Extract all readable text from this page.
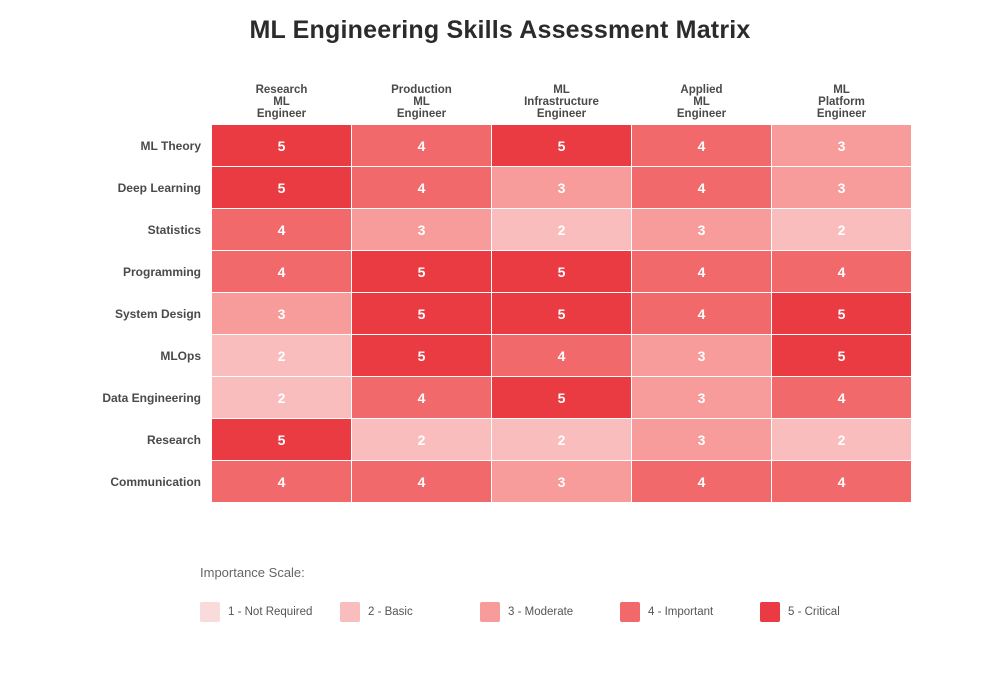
ML Engineering Skills Assessment Matrix

Research
ML
Engineer

Production
ML
Engineer

ML
Infrastructure
Engineer

Applied
ML
Engineer

ML
Platform
Engineer

ML Theory	5	4	5	4	3
Deep Learning	5	4	3	4	3
Statistics	4	3	2	3	2
Programming	4	5	5	4	4
System Design	3	5	5	4	5
MLOps	2	5	4	3	5
Data Engineering	2	4	5	3	4
Research	5	2	2	3	2
Communication	4	4	3	4	4
Importance Scale:
1 - Not Required	2 - Basic	3 - Moderate	4 - Important	5 - Critical
